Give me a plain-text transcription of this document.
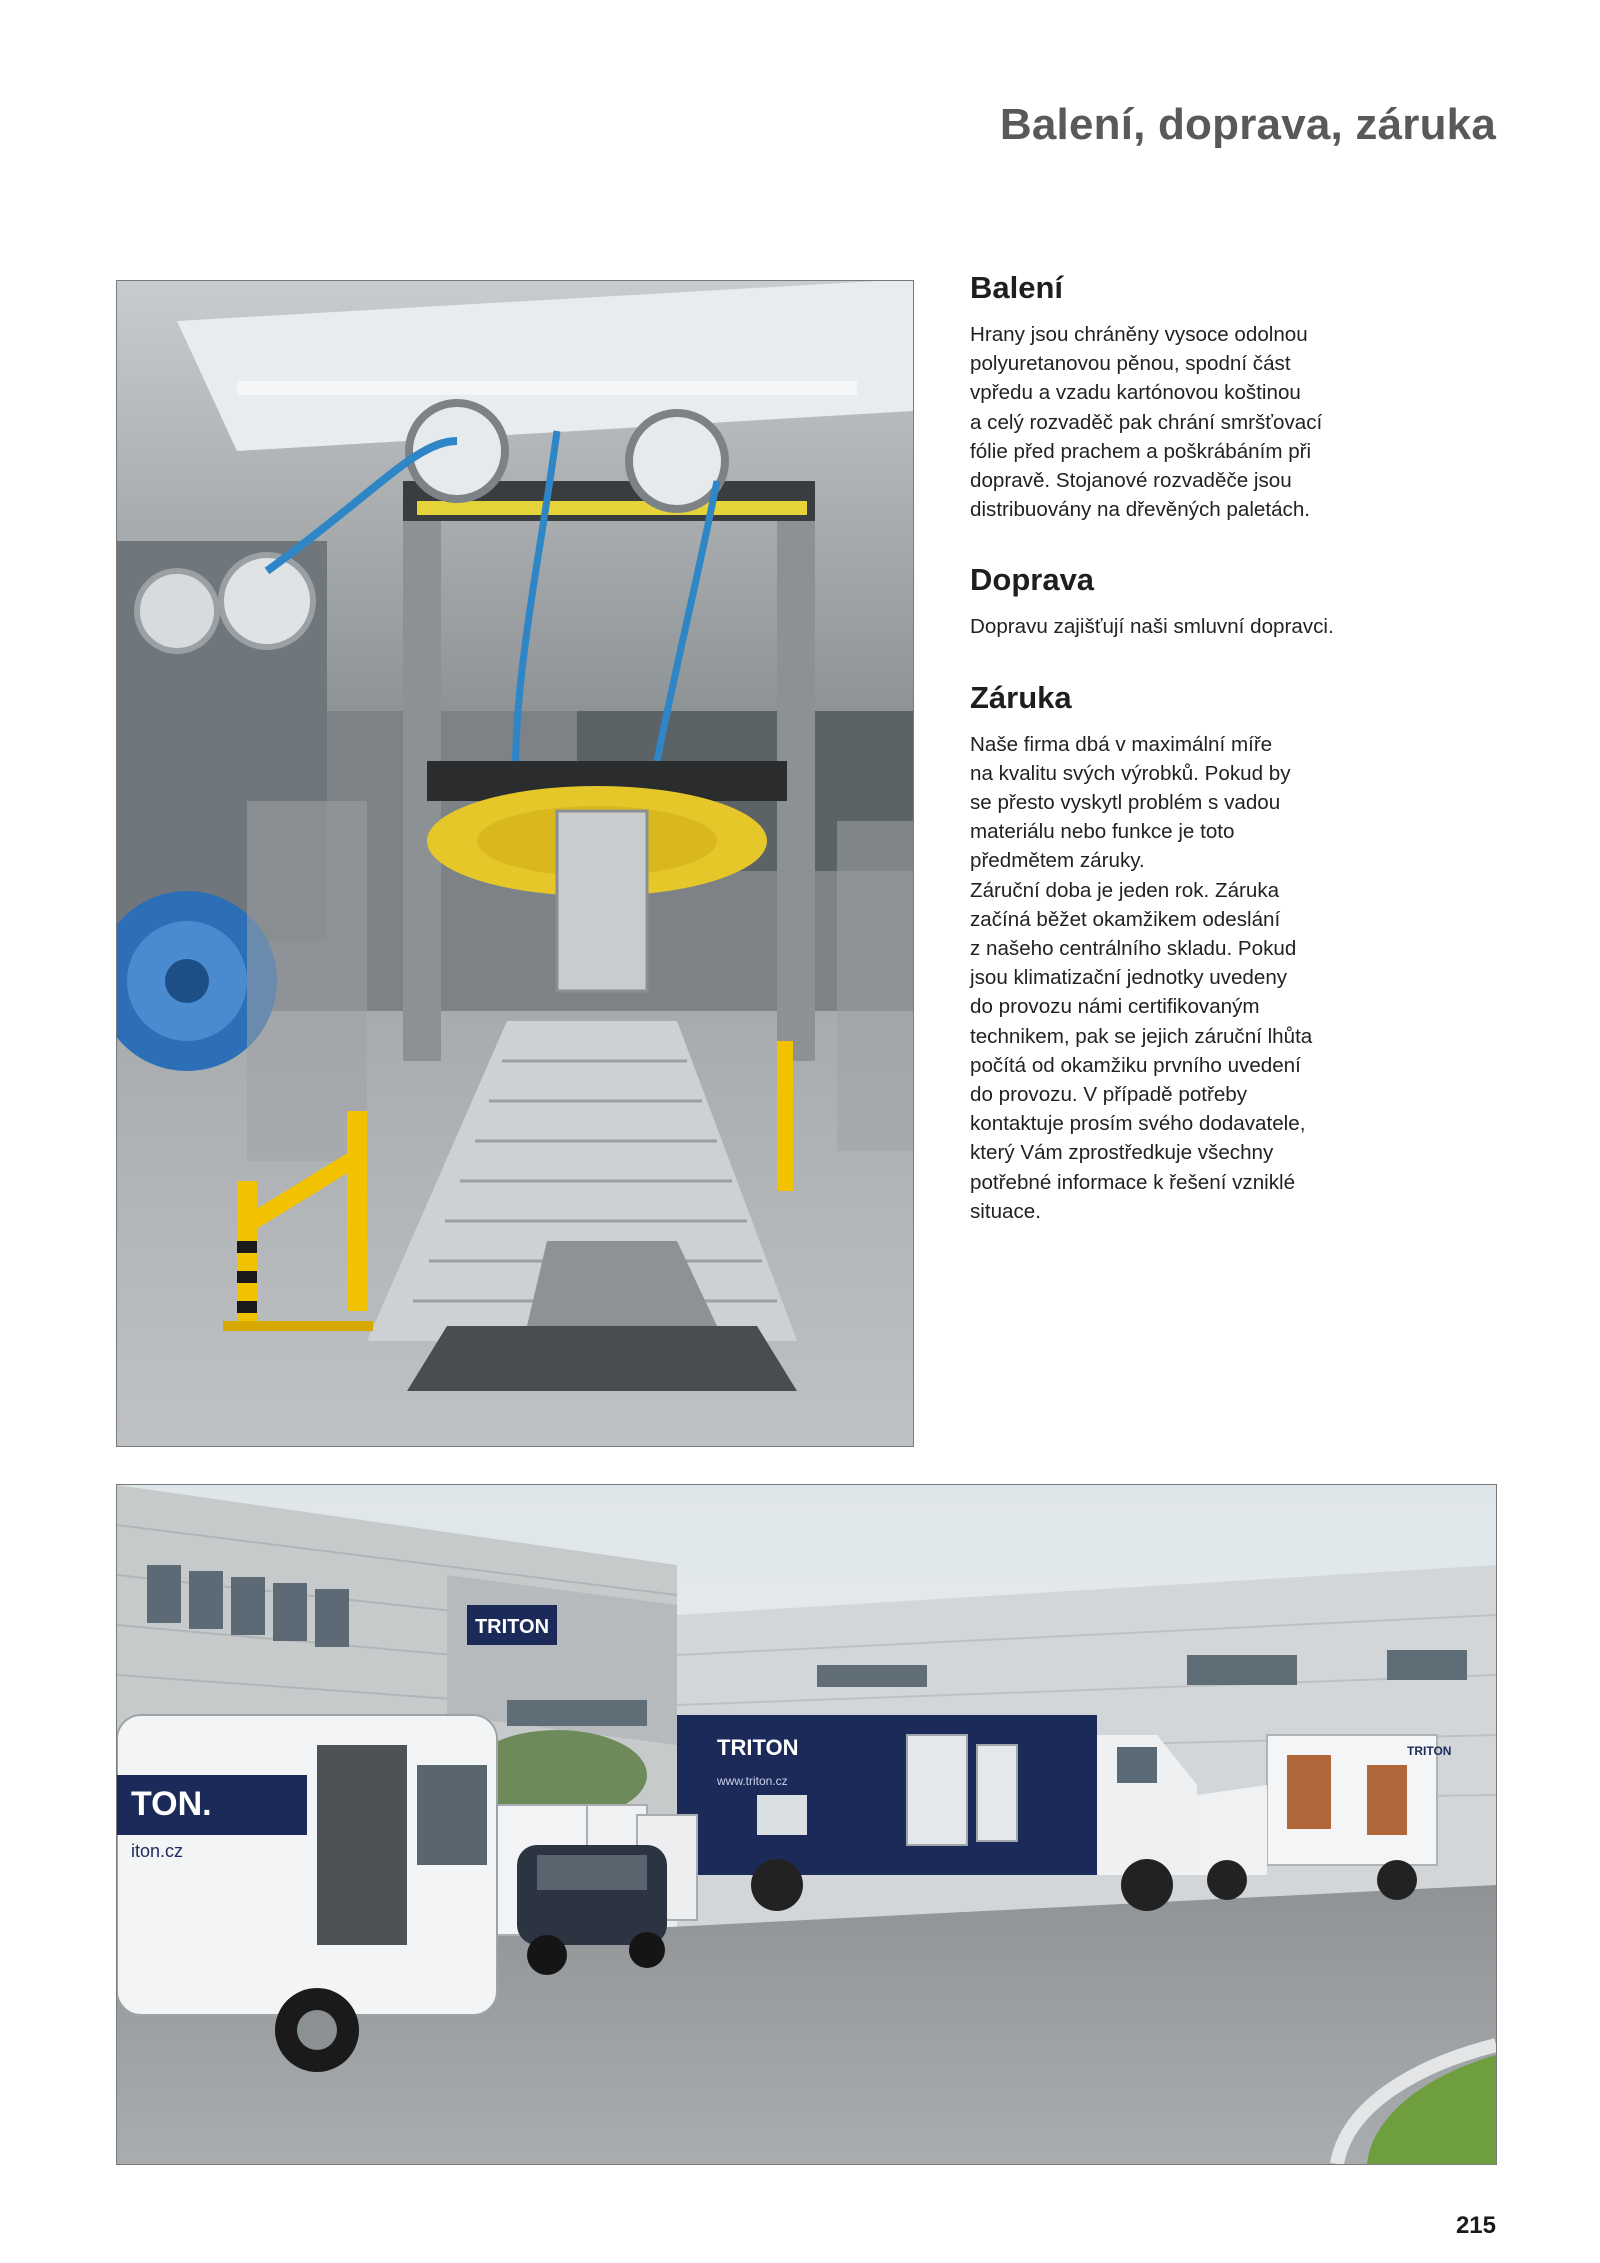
Balení, doprava, záruka
Balení

Hrany jsou chráněny vysoce odolnou
polyuretanovou pěnou, spodní část
vpředu a vzadu kartónovou koštinou
a celý rozvaděč pak chrání smršťovací
fólie před prachem a poškrábáním při
dopravě. Stojanové rozvaděče jsou
distribuovány na dřevěných paletách.

Doprava

Dopravu zajišťují naši smluvní dopravci.

Záruka

Naše firma dbá v maximální míře
na kvalitu svých výrobků. Pokud by
se přesto vyskytl problém s vadou
materiálu nebo funkce je toto
předmětem záruky.
Záruční doba je jeden rok. Záruka
začíná běžet okamžikem odeslání
z našeho centrálního skladu. Pokud
jsou klimatizační jednotky uvedeny
do provozu námi certifikovaným
technikem, pak se jejich záruční lhůta
počítá od okamžiku prvního uvedení
do provozu. V případě potřeby
kontaktuje prosím svého dodavatele,
který Vám zprostředkuje všechny
potřebné informace k řešení vzniklé
situace.

TRITON
TRITON
www.triton.cz
TRITON
TON.
iton.cz
215
